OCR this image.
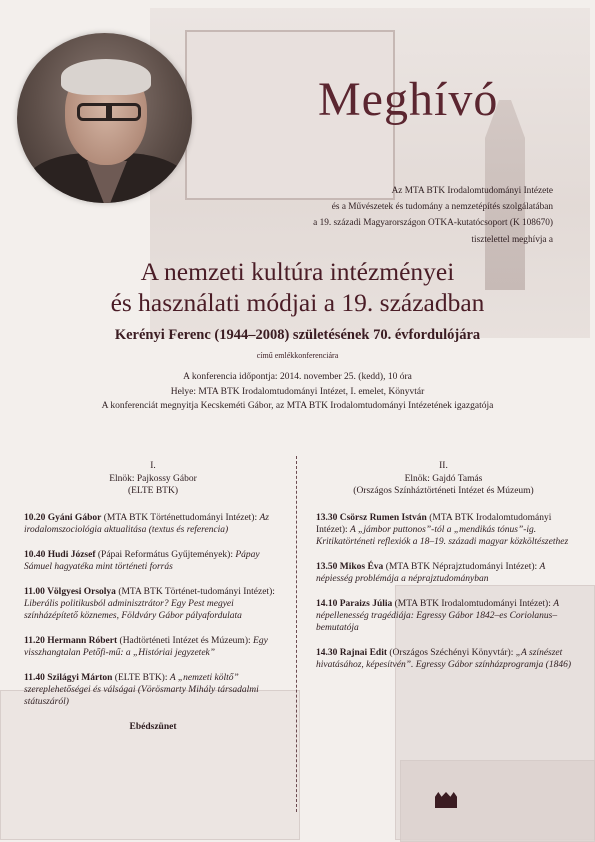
Meghívó
Az MTA BTK Irodalomtudományi Intézete
és a Művészetek és tudomány a nemzetépítés szolgálatában
a 19. századi Magyarországon OTKA-kutatócsoport (K 108670)
tisztelettel meghívja a
A nemzeti kultúra intézményei
és használati módjai a 19. században
Kerényi Ferenc (1944–2008) születésének 70. évfordulójára
című emlékkonferenciára
A konferencia időpontja: 2014. november 25. (kedd), 10 óra
Helye: MTA BTK Irodalomtudományi Intézet, I. emelet, Könyvtár
A konferenciát megnyitja Kecskeméti Gábor, az MTA BTK Irodalomtudományi Intézetének igazgatója
I.
Elnök: Pajkossy Gábor
(ELTE BTK)
10.20 Gyáni Gábor (MTA BTK Történettudományi Intézet): Az irodalomszociológia aktualitása (textus és referencia)
10.40 Hudi József (Pápai Református Gyűjtemények): Pápay Sámuel hagyatéka mint történeti forrás
11.00 Völgyesi Orsolya (MTA BTK Történet-tudományi Intézet): Liberális politikusból adminisztrátor? Egy Pest megyei színházépítető köznemes, Földváry Gábor pályafordulata
11.20 Hermann Róbert (Hadtörténeti Intézet és Múzeum): Egy visszhangtalan Petőfi-mű: a „Históriai jegyzetek”
11.40 Szilágyi Márton (ELTE BTK): A „nemzeti költő” szereplehetőségei és válságai (Vörösmarty Mihály társadalmi státuszáról)
Ebédszünet
II.
Elnök: Gajdó Tamás
(Országos Színháztörténeti Intézet és Múzeum)
13.30 Csörsz Rumen István (MTA BTK Irodalomtudományi Intézet): A „jámbor puttonos”-tól a „mendikás tónus”-ig. Kritikatörténeti reflexiók a 18–19. századi magyar közköltészethez
13.50 Mikos Éva (MTA BTK Néprajztudományi Intézet): A népiesség problémája a néprajztudományban
14.10 Paraizs Júlia (MTA BTK Irodalomtudományi Intézet): A népellenesség tragédiája: Egressy Gábor 1842–es Coriolanus–bemutatója
14.30 Rajnai Edit (Országos Széchényi Könyvtár): „A színészet hivatásához, képesítvén”. Egressy Gábor színházprogramja (1846)
